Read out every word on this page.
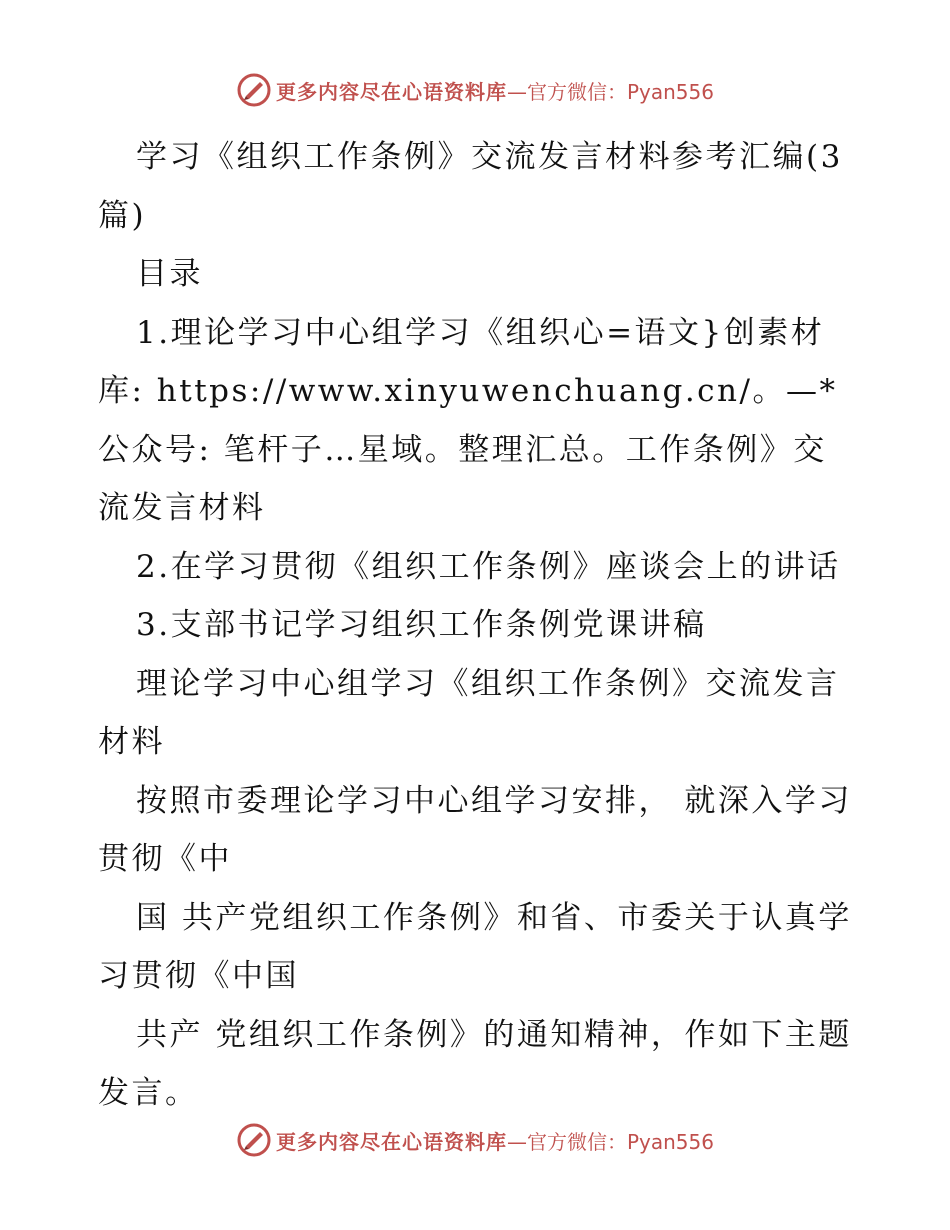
更多内容尽在心语资料库 —官方微信：Pyan556

学习《组织工作条例》交流发言材料参考汇编(3篇)

目录

1.理论学习中心组学习《组织心=语文}创素材库: https://www.xinyuwenchuang.cn/。—*公众号: 笔杆子…星域。整理汇总。工作条例》交流发言材料

2.在学习贯彻《组织工作条例》座谈会上的讲话

3.支部书记学习组织工作条例党课讲稿

理论学习中心组学习《组织工作条例》交流发言材料

按照市委理论学习中心组学习安排， 就深入学习贯彻《中

国 共产党组织工作条例》和省、市委关于认真学习贯彻《中国

共产 党组织工作条例》的通知精神，作如下主题发言。

更多内容尽在心语资料库 —官方微信：Pyan556
